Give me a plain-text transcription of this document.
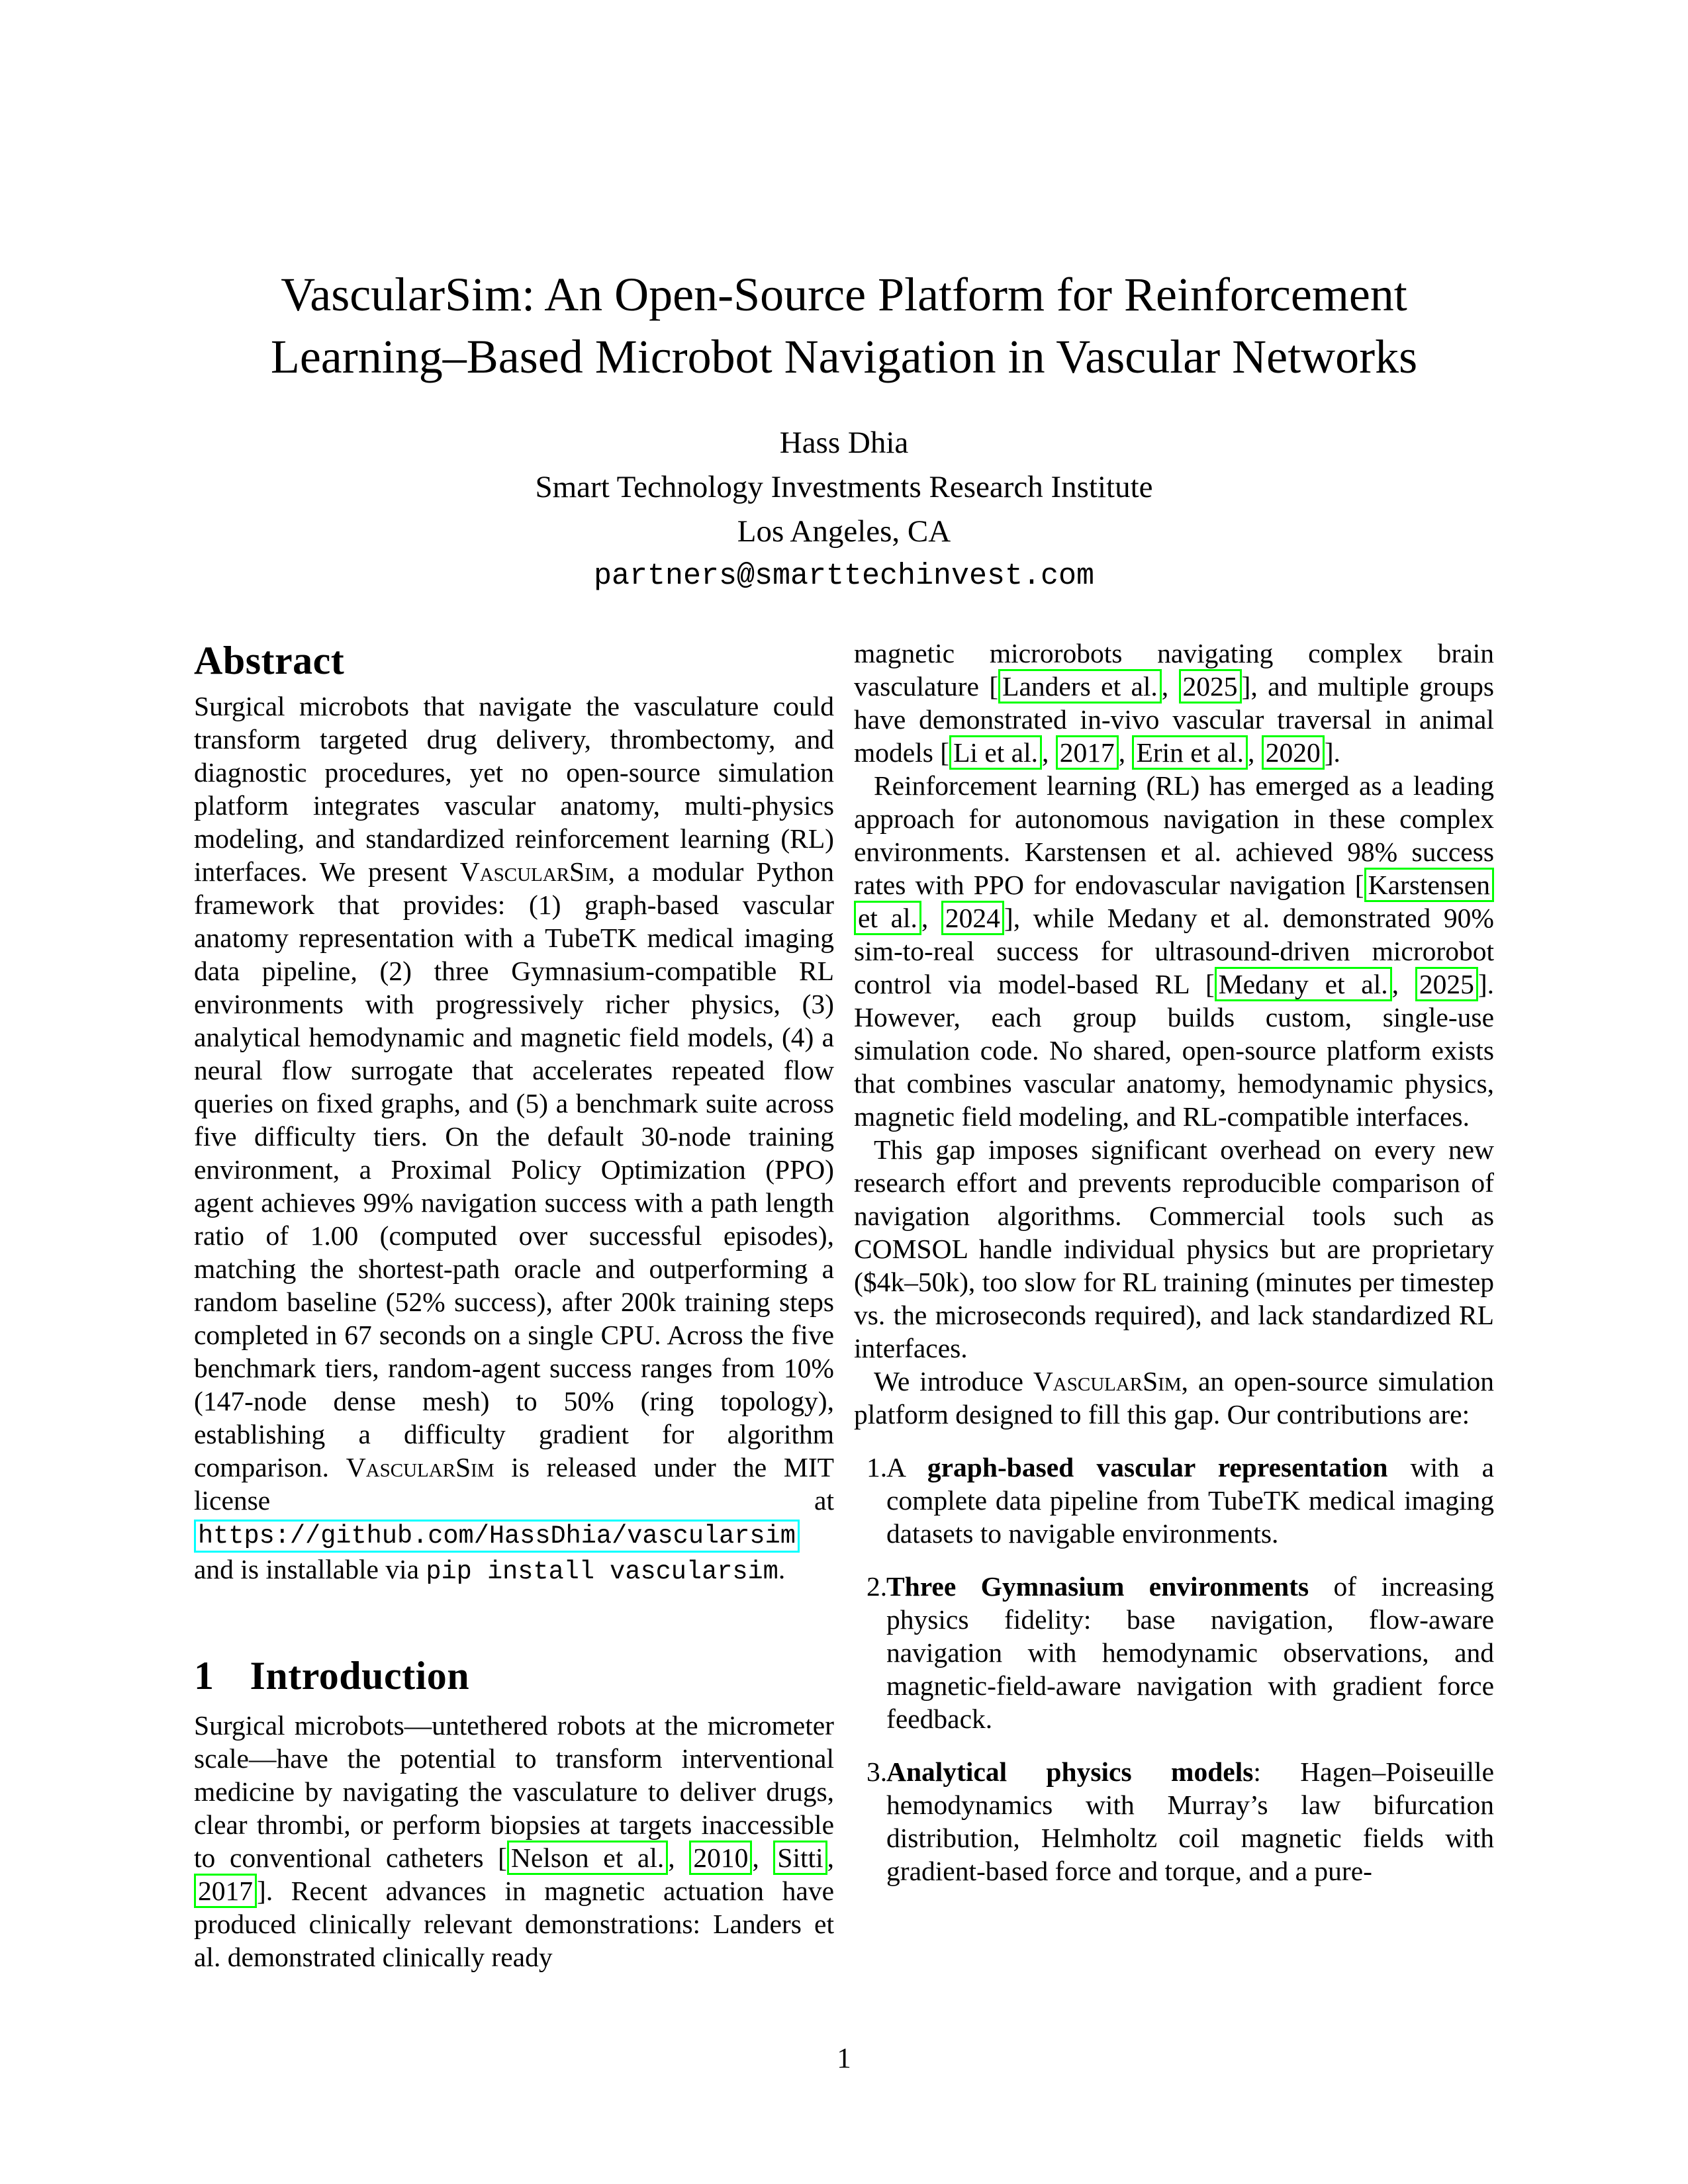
VascularSim: An Open-Source Platform for Reinforcement
Learning–Based Microbot Navigation in Vascular Networks
Hass Dhia
Smart Technology Investments Research Institute
Los Angeles, CA
partners@smarttechinvest.com
Abstract

Surgical microbots that navigate the vasculature could transform targeted drug delivery, thrombectomy, and diagnostic procedures, yet no open-source simulation platform integrates vascular anatomy, multi-physics modeling, and standardized reinforcement learning (RL) interfaces. We present VascularSim, a modular Python framework that provides: (1) graph-based vascular anatomy representation with a TubeTK medical imaging data pipeline, (2) three Gymnasium-compatible RL environments with progressively richer physics, (3) analytical hemodynamic and magnetic field models, (4) a neural flow surrogate that accelerates repeated flow queries on fixed graphs, and (5) a benchmark suite across five difficulty tiers. On the default 30-node training environment, a Proximal Policy Optimization (PPO) agent achieves 99% navigation success with a path length ratio of 1.00 (computed over successful episodes), matching the shortest-path oracle and outperforming a random baseline (52% success), after 200k training steps completed in 67 seconds on a single CPU. Across the five benchmark tiers, random-agent success ranges from 10% (147-node dense mesh) to 50% (ring topology), establishing a difficulty gradient for algorithm comparison. VascularSim is released under the MIT license at https://github.com/HassDhia/vascularsim and is installable via pip install vascularsim.

1 Introduction

Surgical microbots—untethered robots at the micrometer scale—have the potential to transform interventional medicine by navigating the vasculature to deliver drugs, clear thrombi, or perform biopsies at targets inaccessible to conventional catheters [ Nelson et al. , 2010 , Sitti , 2017 ]. Recent advances in magnetic actuation have produced clinically relevant demonstrations: Landers et al. demonstrated clinically ready

magnetic microrobots navigating complex brain vasculature [ Landers et al. , 2025 ], and multiple groups have demonstrated in-vivo vascular traversal in animal models [ Li et al. , 2017 , Erin et al. , 2020 ].

Reinforcement learning (RL) has emerged as a leading approach for autonomous navigation in these complex environments. Karstensen et al. achieved 98% success rates with PPO for endovascular navigation [ Karstensen et al. , 2024 ], while Medany et al. demonstrated 90% sim-to-real success for ultrasound-driven microrobot control via model-based RL [ Medany et al. , 2025 ]. However, each group builds custom, single-use simulation code. No shared, open-source platform exists that combines vascular anatomy, hemodynamic physics, magnetic field modeling, and RL-compatible interfaces.

This gap imposes significant overhead on every new research effort and prevents reproducible comparison of navigation algorithms. Commercial tools such as COMSOL handle individual physics but are proprietary ($4k–50k), too slow for RL training (minutes per timestep vs. the microseconds required), and lack standardized RL interfaces.

We introduce VascularSim, an open-source simulation platform designed to fill this gap. Our contributions are:

1.
A graph-based vascular representation with a complete data pipeline from TubeTK medical imaging datasets to navigable environments.
2.
Three Gymnasium environments of increasing physics fidelity: base navigation, flow-aware navigation with hemodynamic observations, and magnetic-field-aware navigation with gradient force feedback.
3.
Analytical physics models: Hagen–Poiseuille hemodynamics with Murray’s law bifurcation distribution, Helmholtz coil magnetic fields with gradient-based force and torque, and a pure-
1
